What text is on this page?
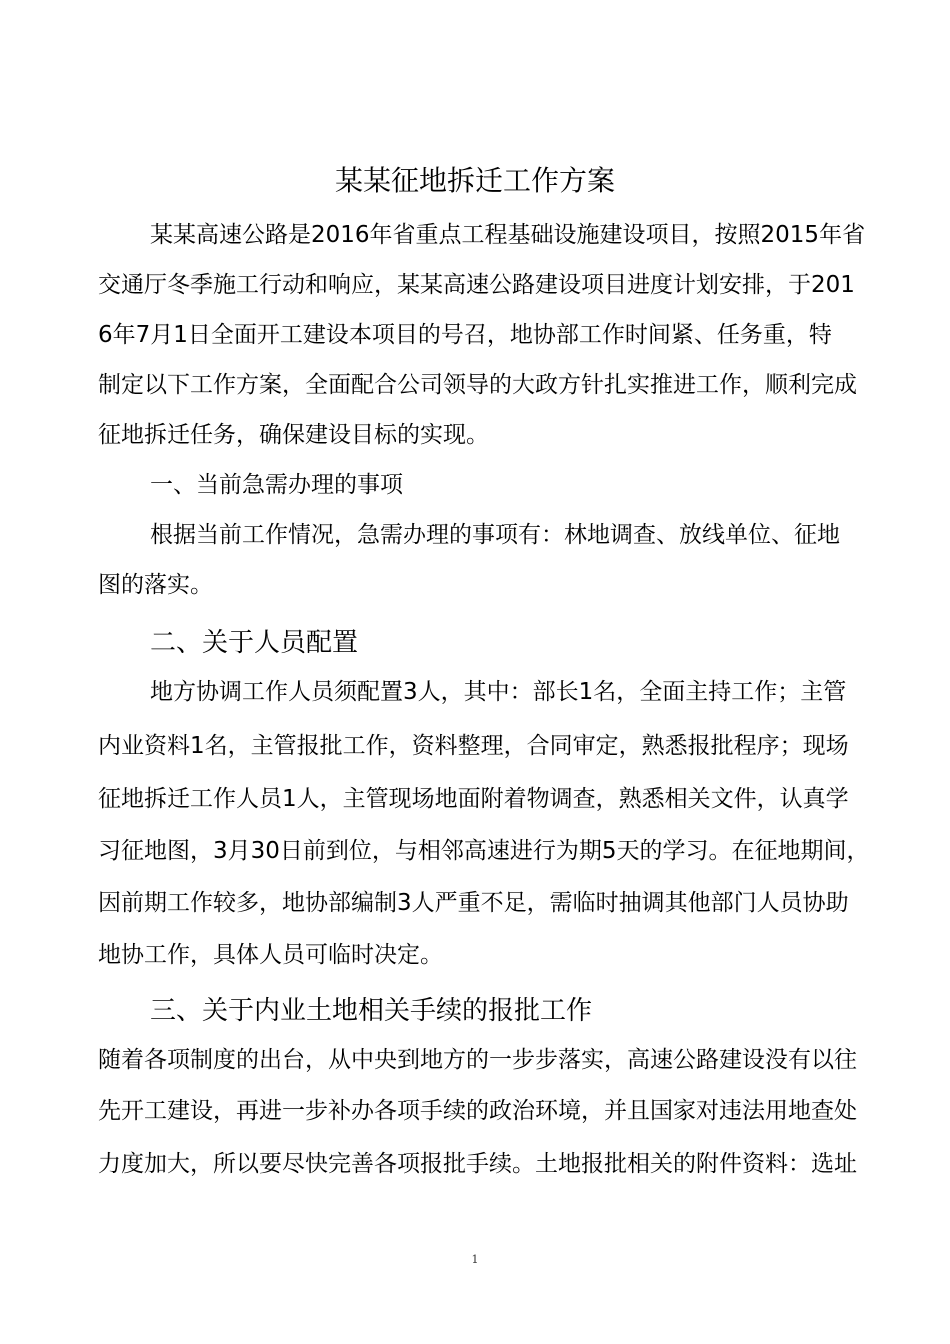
某某征地拆迁工作方案
某某高速公路是2016年省重点工程基础设施建设项目，按照2015年省
交通厅冬季施工行动和响应，某某高速公路建设项目进度计划安排，于201
6年7月1日全面开工建设本项目的号召，地协部工作时间紧、任务重，特
制定以下工作方案，全面配合公司领导的大政方针扎实推进工作，顺利完成
征地拆迁任务，确保建设目标的实现。
一、当前急需办理的事项
根据当前工作情况，急需办理的事项有：林地调查、放线单位、征地
图的落实。
二、关于人员配置
地方协调工作人员须配置3人，其中：部长1名，全面主持工作；主管
内业资料1名，主管报批工作，资料整理，合同审定，熟悉报批程序；现场
征地拆迁工作人员1人，主管现场地面附着物调查，熟悉相关文件，认真学
习征地图，3月30日前到位，与相邻高速进行为期5天的学习。在征地期间，
因前期工作较多，地协部编制3人严重不足，需临时抽调其他部门人员协助
地协工作，具体人员可临时决定。
三、关于内业土地相关手续的报批工作
随着各项制度的出台，从中央到地方的一步步落实，高速公路建设没有以往
先开工建设，再进一步补办各项手续的政治环境，并且国家对违法用地查处
力度加大，所以要尽快完善各项报批手续。土地报批相关的附件资料：选址
1
